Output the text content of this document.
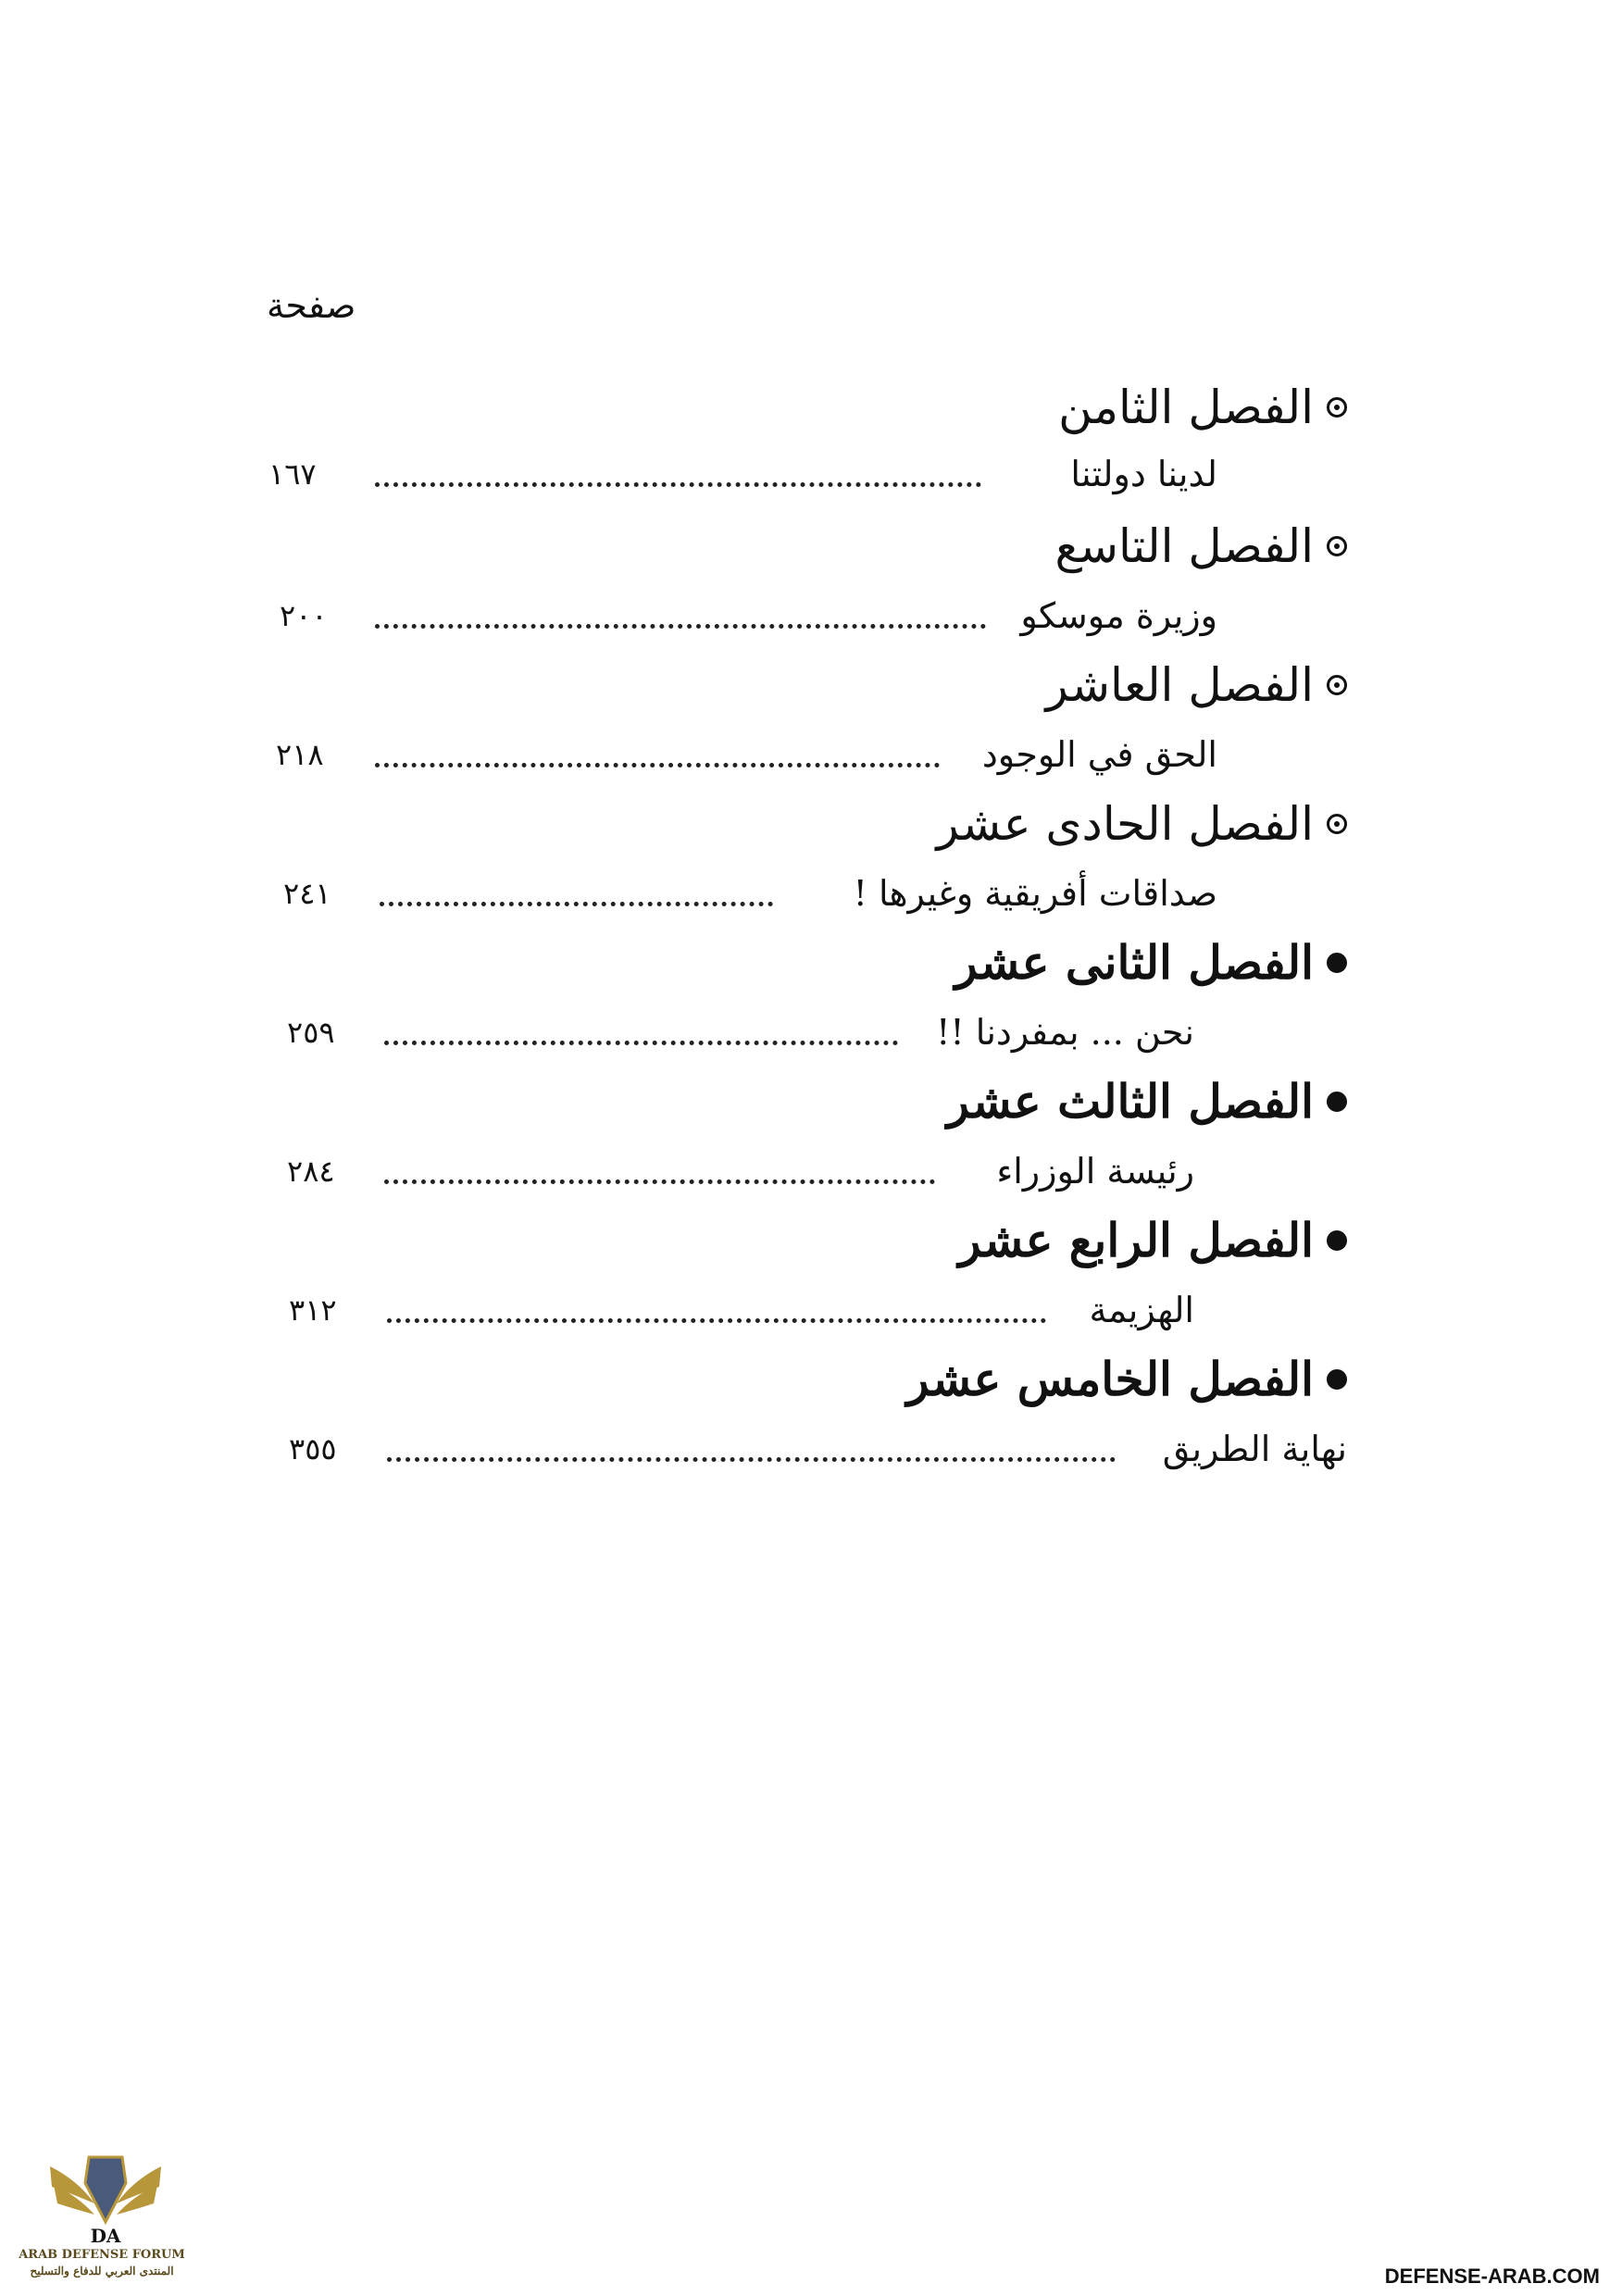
صفحة
الفصل الثامن
١٦٧	لدينا دولتنا
الفصل التاسع
٢٠٠	وزيرة موسكو
الفصل العاشر
٢١٨	الحق في الوجود
الفصل الحادى عشر
٢٤١	صداقات أفريقية وغيرها !
الفصل الثانى عشر
٢٥٩	نحن ... بمفردنا !!
الفصل الثالث عشر
٢٨٤	رئيسة الوزراء
الفصل الرابع عشر
٣١٢	الهزيمة
الفصل الخامس عشر
٣٥٥	نهاية الطريق
DA
ARAB DEFENSE FORUM
المنتدى العربي للدفاع والتسليح	DEFENSE-ARAB.COM
